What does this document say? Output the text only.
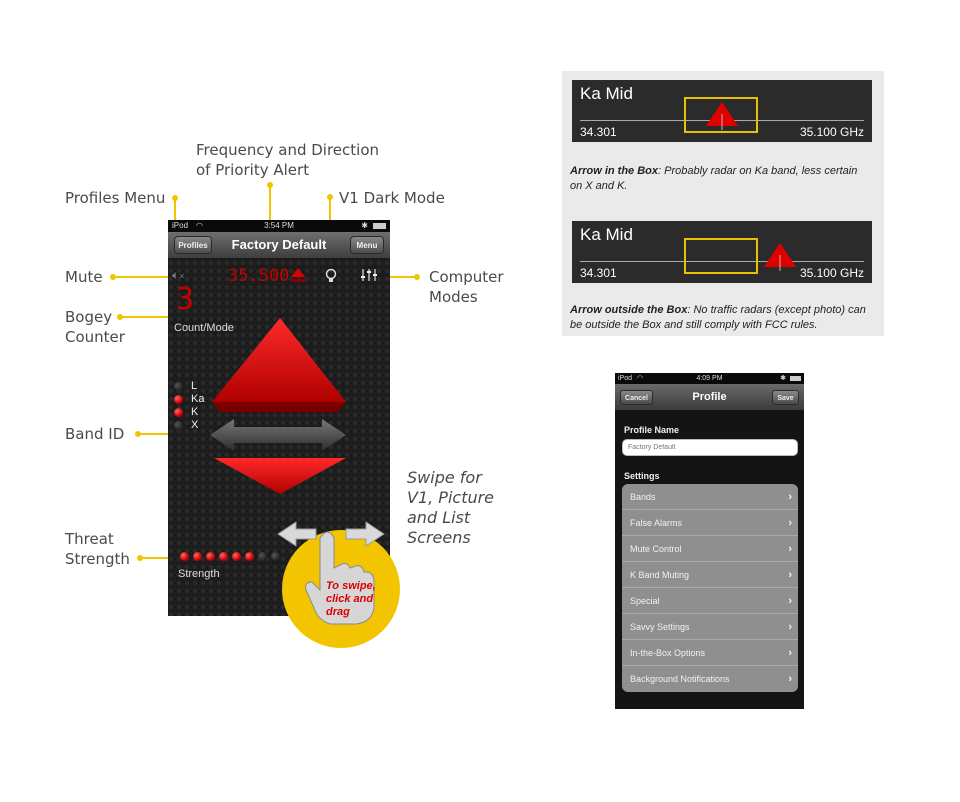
Profiles Menu
Frequency and Direction
of Priority Alert
V1 Dark Mode
Mute	Computer
Modes
Bogey
Counter
Band ID
Threat
Strength
Swipe for
V1, Picture
and List
Screens
iPod ◠	3:54 PM	✱
Profiles	Factory Default	Menu
🔈︎×	35.500
3
Count/Mode
L
Ka
K
X
Strength
To swipe,
click and
drag
Ka Mid
34.301	35.100 GHz
Arrow in the Box: Probably radar on Ka band, less certain on X and K.
Ka Mid
34.301	35.100 GHz
Arrow outside the Box: No traffic radars (except photo) can be outside the Box and still comply with FCC rules.
iPod ◠	4:09 PM	✱
Cancel	Profile	Save
Profile Name
Factory Default
Settings
Bands	›
False Alarms	›
Mute Control	›
K Band Muting	›
Special	›
Savvy Settings	›
In-the-Box Options	›
Background Notifications	›
